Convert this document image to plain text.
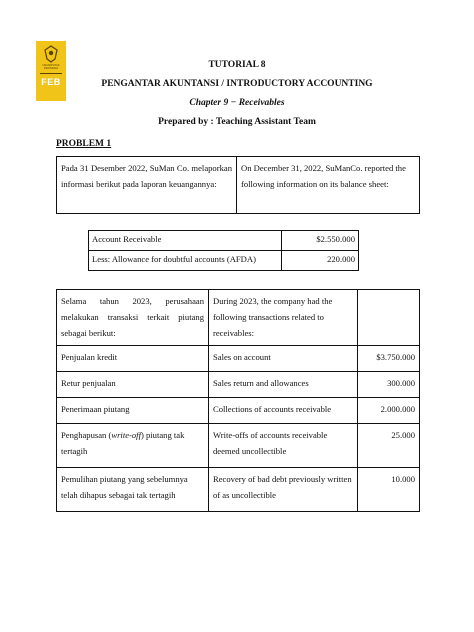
UNIVERSITAS
INDONESIA
FEB
TUTORIAL 8
PENGANTAR AKUNTANSI / INTRODUCTORY ACCOUNTING
Chapter 9 − Receivables
Prepared by : Teaching Assistant Team
PROBLEM 1
Pada 31 Desember 2022, SuMan Co. melaporkan informasi berikut pada laporan keuangannya:	On December 31, 2022, SuManCo. reported the following information on its balance sheet:
Account Receivable	$2.550.000
Less: Allowance for doubtful accounts (AFDA)	220.000
Selama tahun 2023, perusahaan melakukan transaksi terkait piutang sebagai berikut:	During 2023, the company had the following transactions related to receivables:	
Penjualan kredit	Sales on account	$3.750.000
Retur penjualan	Sales return and allowances	300.000
Penerimaan piutang	Collections of accounts receivable	2.000.000
Penghapusan (write-off) piutang tak tertagih	Write-offs of accounts receivable deemed uncollectible	25.000
Pemulihan piutang yang sebelumnya telah dihapus sebagai tak tertagih	Recovery of bad debt previously written of as uncollectible	10.000
